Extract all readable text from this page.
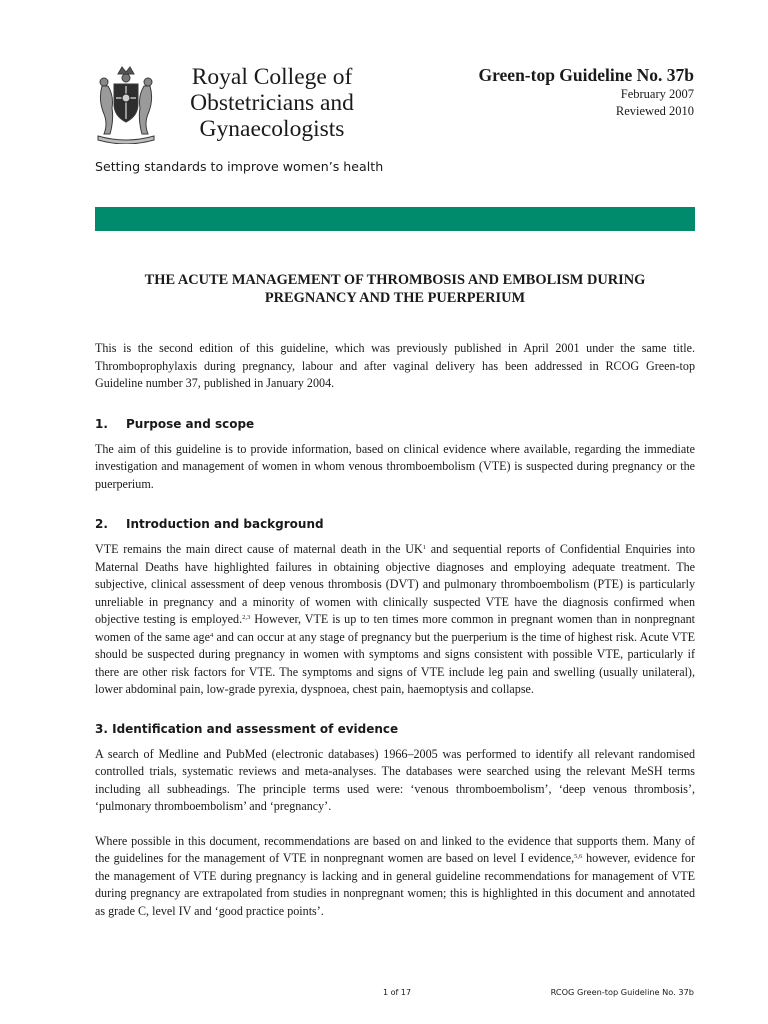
Royal College of
Obstetricians and
Gynaecologists
Setting standards to improve women’s health
Green-top Guideline No. 37b
February 2007
Reviewed 2010
THE ACUTE MANAGEMENT OF THROMBOSIS AND EMBOLISM DURING
PREGNANCY AND THE PUERPERIUM

This is the second edition of this guideline, which was previously published in April 2001 under the same title. Thromboprophylaxis during pregnancy, labour and after vaginal delivery has been addressed in RCOG Green-top Guideline number 37, published in January 2004.

1. Purpose and scope

The aim of this guideline is to provide information, based on clinical evidence where available, regarding the immediate investigation and management of women in whom venous thromboembolism (VTE) is suspected during pregnancy or the puerperium.

2. Introduction and background

VTE remains the main direct cause of maternal death in the $UK^1$ and sequential reports of Confidential Enquiries into Maternal Deaths have highlighted failures in obtaining objective diagnoses and employing adequate treatment. The subjective, clinical assessment of deep venous thrombosis (DVT) and pulmonary thromboembolism (PTE) is particularly unreliable in pregnancy and a minority of women with clinically suspected VTE have the diagnosis confirmed when objective testing is employed.$^{2,3}$ However, VTE is up to ten times more common in pregnant women than in nonpregnant women of the same age$^4$ and can occur at any stage of pregnancy but the puerperium is the time of highest risk. Acute VTE should be suspected during pregnancy in women with symptoms and signs consistent with possible VTE, particularly if there are other risk factors for VTE. The symptoms and signs of VTE include leg pain and swelling (usually unilateral), lower abdominal pain, low-grade pyrexia, dyspnoea, chest pain, haemoptysis and collapse.

3. Identification and assessment of evidence

A search of Medline and PubMed (electronic databases) 1966–2005 was performed to identify all relevant randomised controlled trials, systematic reviews and meta-analyses. The databases were searched using the relevant MeSH terms including all subheadings. The principle terms used were: ‘venous thromboembolism’, ‘deep venous thrombosis’, ‘pulmonary thromboembolism’ and ‘pregnancy’.

Where possible in this document, recommendations are based on and linked to the evidence that supports them. Many of the guidelines for the management of VTE in nonpregnant women are based on level I evidence,$^{5,6}$ however, evidence for the management of VTE during pregnancy is lacking and in general guideline recommendations for management of VTE during pregnancy are extrapolated from studies in nonpregnant women; this is highlighted in this document and annotated as grade C, level IV and ‘good practice points’.

1 of 17	RCOG Green-top Guideline No. 37b
